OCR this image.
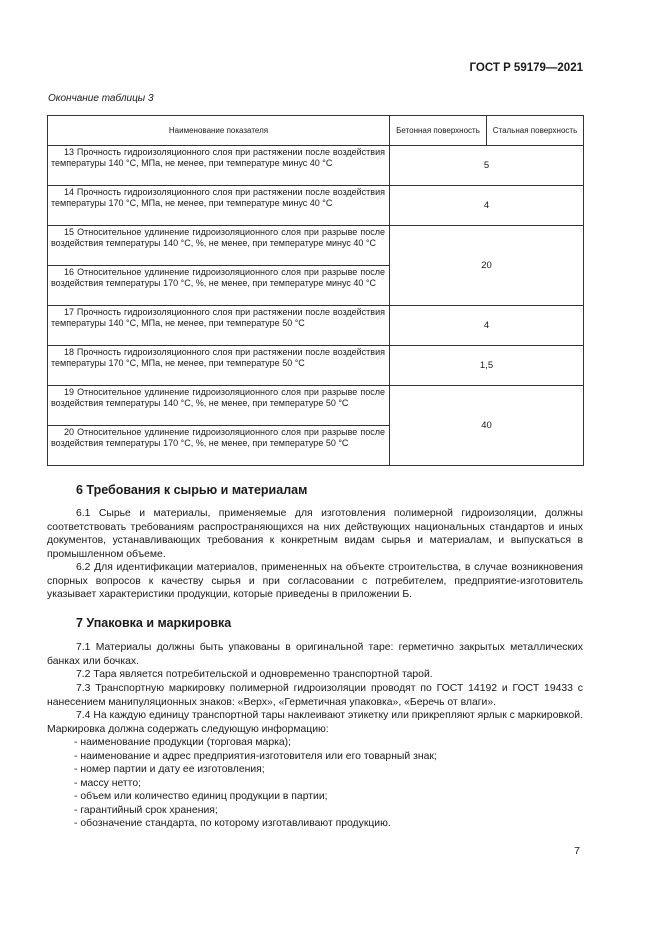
ГОСТ Р 59179—2021
Окончание таблицы 3
Наименование показателя	Бетонная поверхность	Стальная поверхность
13 Прочность гидроизоляционного слоя при растяжении после воздействия температуры 140 °С, МПа, не менее, при температуре минус 40 °С	5	
14 Прочность гидроизоляционного слоя при растяжении после воздействия температуры 170 °С, МПа, не менее, при температуре минус 40 °С	4	
15 Относительное удлинение гидроизоляционного слоя при разрыве после воздействия температуры 140 °С, %, не менее, при температуре минус 40 °С	20	
16 Относительное удлинение гидроизоляционного слоя при разрыве после воздействия температуры 170 °С, %, не менее, при температуре минус 40 °С		
17 Прочность гидроизоляционного слоя при растяжении после воздействия температуры 140 °С, МПа, не менее, при температуре 50 °С	4	
18 Прочность гидроизоляционного слоя при растяжении после воздействия температуры 170 °С, МПа, не менее, при температуре 50 °С	1,5	
19 Относительное удлинение гидроизоляционного слоя при разрыве после воздействия температуры 140 °С, %, не менее, при температуре 50 °С	40	
20 Относительное удлинение гидроизоляционного слоя при разрыве после воздействия температуры 170 °С, %, не менее, при температуре 50 °С		
6 Требования к сырью и материалам
6.1 Сырье и материалы, применяемые для изготовления полимерной гидроизоляции, должны соответствовать требованиям распространяющихся на них действующих национальных стандартов и иных документов, устанавливающих требования к конкретным видам сырья и материалам, и выпускаться в промышленном объеме.
6.2 Для идентификации материалов, примененных на объекте строительства, в случае возникновения спорных вопросов к качеству сырья и при согласовании с потребителем, предприятие-изготовитель указывает характеристики продукции, которые приведены в приложении Б.
7 Упаковка и маркировка
7.1 Материалы должны быть упакованы в оригинальной таре: герметично закрытых металлических банках или бочках.
7.2 Тара является потребительской и одновременно транспортной тарой.
7.3 Транспортную маркировку полимерной гидроизоляции проводят по ГОСТ 14192 и ГОСТ 19433 с нанесением манипуляционных знаков: «Верх», «Герметичная упаковка», «Беречь от влаги».
7.4 На каждую единицу транспортной тары наклеивают этикетку или прикрепляют ярлык с маркировкой. Маркировка должна содержать следующую информацию:
- наименование продукции (торговая марка);
- наименование и адрес предприятия-изготовителя или его товарный знак;
- номер партии и дату ее изготовления;
- массу нетто;
- объем или количество единиц продукции в партии;
- гарантийный срок хранения;
- обозначение стандарта, по которому изготавливают продукцию.
7
